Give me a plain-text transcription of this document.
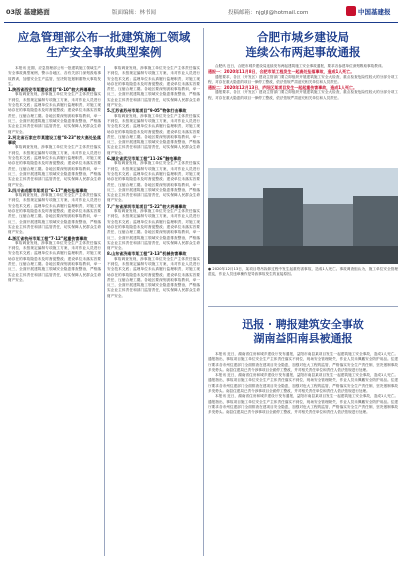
03版 基建路面	版面编辑：林书闻	投稿邮箱：njgljl@hotmail.com	中国基建报
应急管理部公布一批建筑施工领域
生产安全事故典型案例
本报讯 近期，应急管理部公布一批建筑施工领域生产安全事故典型案例，警示各地区、各有关部门深刻汲取事故教训，加强安全生产监管，坚决防范遏制重特大事故发生。
1.陕西省西安市某建设项目“8·10”较大坍塌事故
事故调查发现，涉事施工单位安全生产主体责任落实不到位，未按规定编制专项施工方案，未对作业人员进行安全技术交底；监理单位未认真履行监理职责，对施工现场存在的事故隐患未及时督促整改；建设单位未落实首要责任，压缩合理工期。各地区要深刻汲取事故教训，举一反三，全面开展建筑施工领域安全隐患排查整治，严格落实企业主体责任和部门监管责任，切实保障人民群众生命财产安全。
2.河北省石家庄市某建设工程“8·23”较大高处坠落事故
事故调查发现，涉事施工单位安全生产主体责任落实不到位，未按规定编制专项施工方案，未对作业人员进行安全技术交底；监理单位未认真履行监理职责，对施工现场存在的事故隐患未及时督促整改；建设单位未落实首要责任，压缩合理工期。各地区要深刻汲取事故教训，举一反三，全面开展建筑施工领域安全隐患排查整治，严格落实企业主体责任和部门监管责任，切实保障人民群众生命财产安全。
3.四川省成都市某项目“6·17”高处坠落事故
事故调查发现，涉事施工单位安全生产主体责任落实不到位，未按规定编制专项施工方案，未对作业人员进行安全技术交底；监理单位未认真履行监理职责，对施工现场存在的事故隐患未及时督促整改；建设单位未落实首要责任，压缩合理工期。各地区要深刻汲取事故教训，举一反三，全面开展建筑施工领域安全隐患排查整治，严格落实企业主体责任和部门监管责任，切实保障人民群众生命财产安全。
4.浙江省杭州市某工程“7·12”起重伤害事故
事故调查发现，涉事施工单位安全生产主体责任落实不到位，未按规定编制专项施工方案，未对作业人员进行安全技术交底；监理单位未认真履行监理职责，对施工现场存在的事故隐患未及时督促整改；建设单位未落实首要责任，压缩合理工期。各地区要深刻汲取事故教训，举一反三，全面开展建筑施工领域安全隐患排查整治，严格落实企业主体责任和部门监管责任，切实保障人民群众生命财产安全。
事故调查发现，涉事施工单位安全生产主体责任落实不到位，未按规定编制专项施工方案，未对作业人员进行安全技术交底；监理单位未认真履行监理职责，对施工现场存在的事故隐患未及时督促整改；建设单位未落实首要责任，压缩合理工期。各地区要深刻汲取事故教训，举一反三，全面开展建筑施工领域安全隐患排查整治，严格落实企业主体责任和部门监管责任，切实保障人民群众生命财产安全。
5.江苏省苏州市某项目“9·05”物体打击事故
事故调查发现，涉事施工单位安全生产主体责任落实不到位，未按规定编制专项施工方案，未对作业人员进行安全技术交底；监理单位未认真履行监理职责，对施工现场存在的事故隐患未及时督促整改；建设单位未落实首要责任，压缩合理工期。各地区要深刻汲取事故教训，举一反三，全面开展建筑施工领域安全隐患排查整治，严格落实企业主体责任和部门监管责任，切实保障人民群众生命财产安全。
6.湖北省武汉市某工程“11·26”触电事故
事故调查发现，涉事施工单位安全生产主体责任落实不到位，未按规定编制专项施工方案，未对作业人员进行安全技术交底；监理单位未认真履行监理职责，对施工现场存在的事故隐患未及时督促整改；建设单位未落实首要责任，压缩合理工期。各地区要深刻汲取事故教训，举一反三，全面开展建筑施工领域安全隐患排查整治，严格落实企业主体责任和部门监管责任，切实保障人民群众生命财产安全。
7.广东省深圳市某项目“5·22”较大坍塌事故
事故调查发现，涉事施工单位安全生产主体责任落实不到位，未按规定编制专项施工方案，未对作业人员进行安全技术交底；监理单位未认真履行监理职责，对施工现场存在的事故隐患未及时督促整改；建设单位未落实首要责任，压缩合理工期。各地区要深刻汲取事故教训，举一反三，全面开展建筑施工领域安全隐患排查整治，严格落实企业主体责任和部门监管责任，切实保障人民群众生命财产安全。
8.山东省济南市某工程“3·13”机械伤害事故
事故调查发现，涉事施工单位安全生产主体责任落实不到位，未按规定编制专项施工方案，未对作业人员进行安全技术交底；监理单位未认真履行监理职责，对施工现场存在的事故隐患未及时督促整改；建设单位未落实首要责任，压缩合理工期。各地区要深刻汲取事故教训，举一反三，全面开展建筑施工领域安全隐患排查整治，严格落实企业主体责任和部门监管责任，切实保障人民群众生命财产安全。
合肥市城乡建设局
连续公布两起事故通报
合肥讯 近日，合肥市城乡建设局连续发布两起建筑施工安全事故通报，要求各参建单位深刻吸取事故教训。
通报一：2020年11月8日，合肥市某工程发生一起高处坠落事故，造成1人死亡。
通报要求，各区（开发区）建设主管部门要立即组织开展建筑施工安全大检查，重点检查危险性较大的分部分项工程，对存在重大隐患的项目一律停工整改，依法依规严肃追究相关单位和人员责任。
通报二：2020年12月13日，庐阳区某项目发生一起起重伤害事故，造成1人死亡。
通报要求，各区（开发区）建设主管部门要立即组织开展建筑施工安全大检查，重点检查危险性较大的分部分项工程，对存在重大隐患的项目一律停工整改，依法依规严肃追究相关单位和人员责任。
● 2020年12月13日，某项目塔吊拆卸过程中发生起重伤害事故，造成1人死亡。事故调查组认为，施工单位安全管理混乱，作业人员违章操作是导致事故发生的直接原因。
迅报 · 聘报建筑安全事故
湖南益阳南县被通报
本报讯 近日，湖南省住房和城乡建设厅发布通报，益阳市南县某项目发生一起建筑施工安全事故，造成1人死亡。通报指出，事故项目施工单位安全生产主体责任落实不到位，现场安全管理缺失，作业人员未佩戴安全防护用品。住建厅要求各市州住建部门全面排查在建项目安全隐患，加强对危大工程的监管，严格落实安全生产责任制，坚决遏制事故多发势头。南县住建局已责令涉事项目全面停工整改，并对相关责任单位和责任人依法依规进行处理。
本报讯 近日，湖南省住房和城乡建设厅发布通报，益阳市南县某项目发生一起建筑施工安全事故，造成1人死亡。通报指出，事故项目施工单位安全生产主体责任落实不到位，现场安全管理缺失，作业人员未佩戴安全防护用品。住建厅要求各市州住建部门全面排查在建项目安全隐患，加强对危大工程的监管，严格落实安全生产责任制，坚决遏制事故多发势头。南县住建局已责令涉事项目全面停工整改，并对相关责任单位和责任人依法依规进行处理。
本报讯 近日，湖南省住房和城乡建设厅发布通报，益阳市南县某项目发生一起建筑施工安全事故，造成1人死亡。通报指出，事故项目施工单位安全生产主体责任落实不到位，现场安全管理缺失，作业人员未佩戴安全防护用品。住建厅要求各市州住建部门全面排查在建项目安全隐患，加强对危大工程的监管，严格落实安全生产责任制，坚决遏制事故多发势头。南县住建局已责令涉事项目全面停工整改，并对相关责任单位和责任人依法依规进行处理。
